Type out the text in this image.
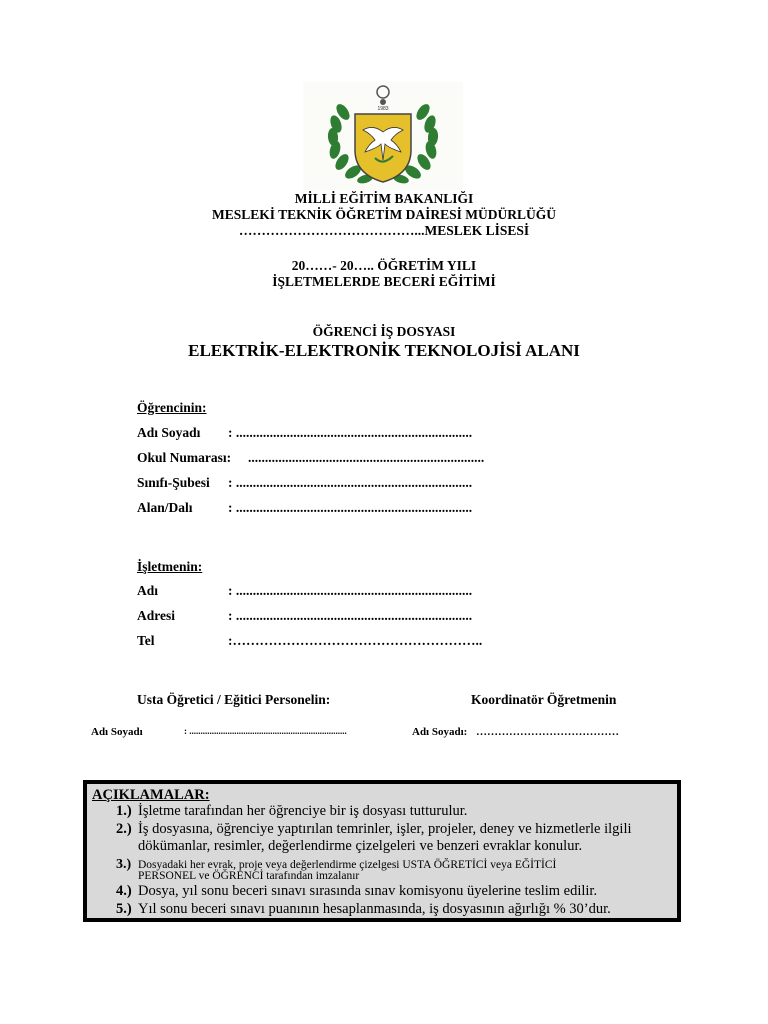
1983
MİLLİ EĞİTİM BAKANLIĞI
MESLEKİ TEKNİK ÖĞRETİM DAİRESİ MÜDÜRLÜĞÜ
…………………………………...MESLEK LİSESİ
20……- 20….. ÖĞRETİM YILI
İŞLETMELERDE BECERİ EĞİTİMİ
ÖĞRENCİ İŞ DOSYASI
ELEKTRİK-ELEKTRONİK TEKNOLOJİSİ ALANI
Öğrencinin:
Adı Soyadı : ......................................................................
Okul Numarası: ......................................................................
Sınıfı-Şubesi : ......................................................................
Alan/Dalı	: ......................................................................
İşletmenin:
Adı	: ......................................................................
Adresi	: ......................................................................
Tel	:………………………………………………..
Usta Öğretici / Eğitici Personelin:	Koordinatör Öğretmenin
Adı Soyadı	: ......................................................................	Adı Soyadı: …………………………………
AÇIKLAMALAR:
1.) İşletme tarafından her öğrenciye bir iş dosyası tutturulur.
2.) İş dosyasına, öğrenciye yaptırılan temrinler, işler, projeler, deney ve hizmetlerle ilgili
dökümanlar, resimler, değerlendirme çizelgeleri ve benzeri evraklar konulur.
3.) Dosyadaki her evrak, proje veya değerlendirme çizelgesi USTA ÖĞRETİCİ veya EĞİTİCİ
PERSONEL ve ÖĞRENCİ tarafından imzalanır
4.) Dosya, yıl sonu beceri sınavı sırasında sınav komisyonu üyelerine teslim edilir.
5.) Yıl sonu beceri sınavı puanının hesaplanmasında, iş dosyasının ağırlığı % 30’dur.
